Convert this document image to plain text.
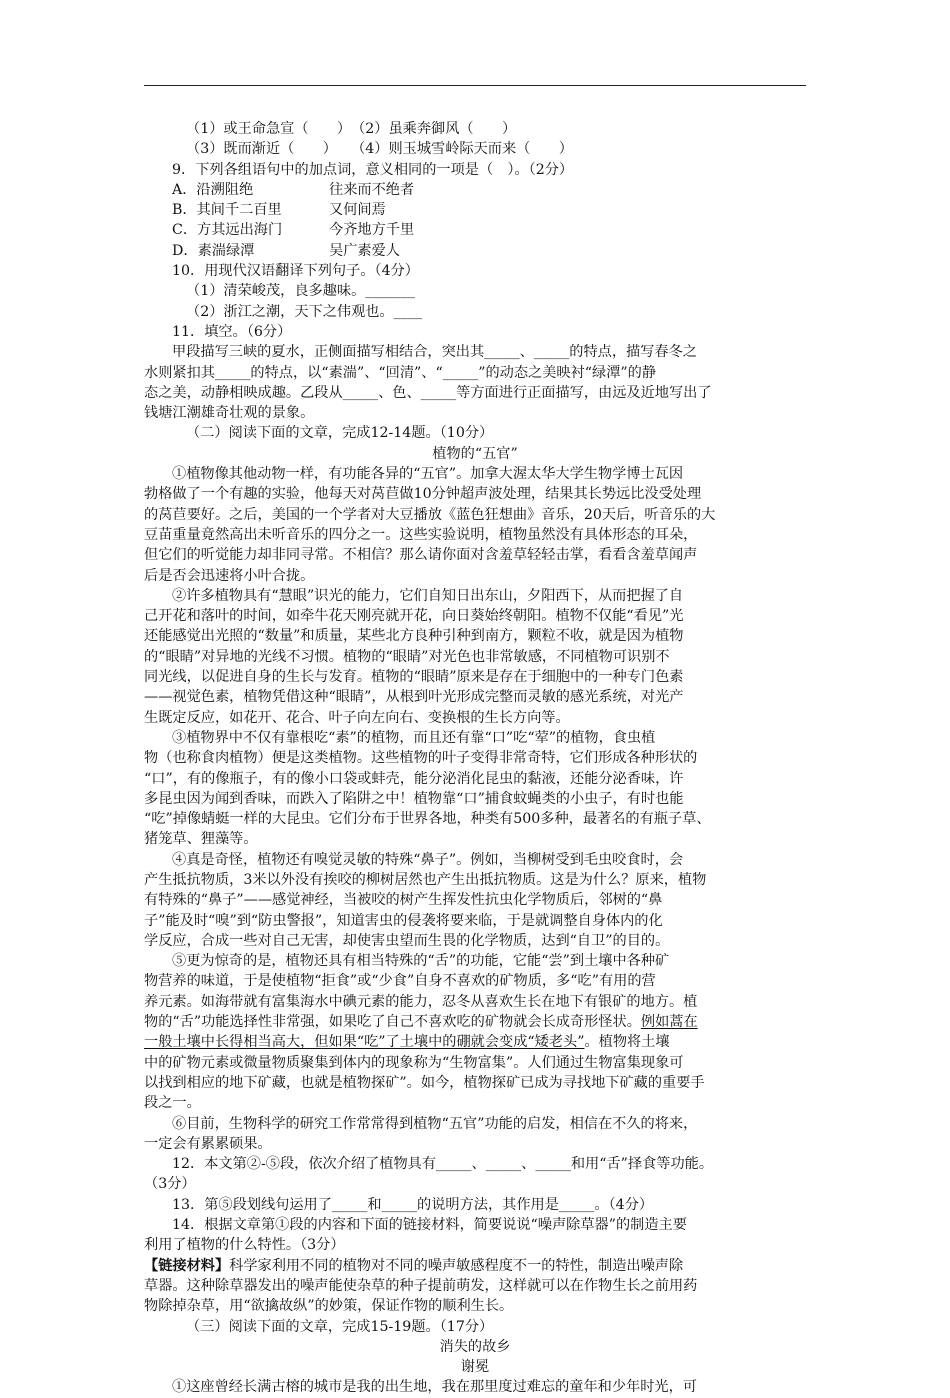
（1）或王命急宣（　　）　（2）虽乘奔御风（　　）
（3）既而渐近（　　）　　（4）则玉城雪岭际天而来（　　）
9．下列各组语句中的加点词，意义相同的一项是（　）。（2分）
A．沿溯阻绝	往来而不绝者
B．其间千二百里	又何间焉
C．方其远出海门	今齐地方千里
D．素湍绿潭	吴广素爱人
10．用现代汉语翻译下列句子。（4分）
（1）清荣峻茂，良多趣味。_______
（2）浙江之潮，天下之伟观也。____
11．填空。（6分）
甲段描写三峡的夏水，正侧面描写相结合，突出其_____、_____的特点，描写春冬之
水则紧扣其_____的特点，以“素湍”、“回清”、“_____”的动态之美映衬“绿潭”的静
态之美，动静相映成趣。乙段从_____、色、_____等方面进行正面描写，由远及近地写出了
钱塘江潮雄奇壮观的景象。
（二）阅读下面的文章，完成12-14题。（10分）
植物的“五官”
①植物像其他动物一样，有功能各异的“五官”。加拿大渥太华大学生物学博士瓦因
勃格做了一个有趣的实验，他每天对莴苣做10分钟超声波处理，结果其长势远比没受处理
的莴苣要好。之后，美国的一个学者对大豆播放《蓝色狂想曲》音乐，20天后，听音乐的大
豆苗重量竟然高出未听音乐的四分之一。这些实验说明，植物虽然没有具体形态的耳朵，
但它们的听觉能力却非同寻常。不相信？那么请你面对含羞草轻轻击掌，看看含羞草闻声
后是否会迅速将小叶合拢。
②许多植物具有“慧眼”识光的能力，它们自知日出东山，夕阳西下，从而把握了自
己开花和落叶的时间，如牵牛花天刚亮就开花，向日葵始终朝阳。植物不仅能“看见”光
还能感觉出光照的“数量”和质量，某些北方良种引种到南方，颗粒不收，就是因为植物
的“眼睛”对异地的光线不习惯。植物的“眼睛”对光色也非常敏感，不同植物可识别不
同光线，以促进自身的生长与发育。植物的“眼睛”原来是存在于细胞中的一种专门色素
——视觉色素，植物凭借这种“眼睛”，从根到叶光形成完整而灵敏的感光系统，对光产
生既定反应，如花开、花合、叶子向左向右、变换根的生长方向等。
③植物界中不仅有靠根吃“素”的植物，而且还有靠“口”吃“荤”的植物，食虫植
物（也称食肉植物）便是这类植物。这些植物的叶子变得非常奇特，它们形成各种形状的
“口”，有的像瓶子，有的像小口袋或蚌壳，能分泌消化昆虫的黏液，还能分泌香味，许
多昆虫因为闻到香味，而跌入了陷阱之中！植物靠“口”捕食蚊蝇类的小虫子，有时也能
“吃”掉像蜻蜓一样的大昆虫。它们分布于世界各地，种类有500多种，最著名的有瓶子草、
猪笼草、狸藻等。
④真是奇怪，植物还有嗅觉灵敏的特殊“鼻子”。例如，当柳树受到毛虫咬食时，会
产生抵抗物质，3米以外没有挨咬的柳树居然也产生出抵抗物质。这是为什么？原来，植物
有特殊的“鼻子”——感觉神经，当被咬的树产生挥发性抗虫化学物质后，邻树的“鼻
子”能及时“嗅”到“防虫警报”，知道害虫的侵袭将要来临，于是就调整自身体内的化
学反应，合成一些对自己无害，却使害虫望而生畏的化学物质，达到“自卫”的目的。
⑤更为惊奇的是，植物还具有相当特殊的“舌”的功能，它能“尝”到土壤中各种矿
物营养的味道，于是使植物“拒食”或“少食”自身不喜欢的矿物质，多“吃”有用的营
养元素。如海带就有富集海水中碘元素的能力，忍冬从喜欢生长在地下有银矿的地方。植
物的“舌”功能选择性非常强，如果吃了自己不喜欢吃的矿物就会长成奇形怪状。例如蒿在
一般土壤中长得相当高大，但如果“吃”了土壤中的硼就会变成“矮老头”。植物将土壤
中的矿物元素或微量物质聚集到体内的现象称为“生物富集”。人们通过生物富集现象可
以找到相应的地下矿藏，也就是植物探矿”。如今，植物探矿已成为寻找地下矿藏的重要手
段之一。
⑥目前，生物科学的研究工作常常得到植物“五官”功能的启发，相信在不久的将来，
一定会有累累硕果。
12．本文第②-⑤段，依次介绍了植物具有_____、_____、_____和用“舌”择食等功能。
（3分）
13．第⑤段划线句运用了_____和_____的说明方法，其作用是_____。（4分）
14．根据文章第①段的内容和下面的链接材料，简要说说“噪声除草器”的制造主要
利用了植物的什么特性。（3分）
【链接材料】科学家利用不同的植物对不同的噪声敏感程度不一的特性，制造出噪声除
草器。这种除草器发出的噪声能使杂草的种子提前萌发，这样就可以在作物生长之前用药
物除掉杂草，用“欲擒故纵”的妙策，保证作物的顺利生长。
（三）阅读下面的文章，完成15-19题。（17分）
消失的故乡
谢冕
①这座曾经长满古榕的城市是我的出生地，我在那里度过难忘的童年和少年时光，可
